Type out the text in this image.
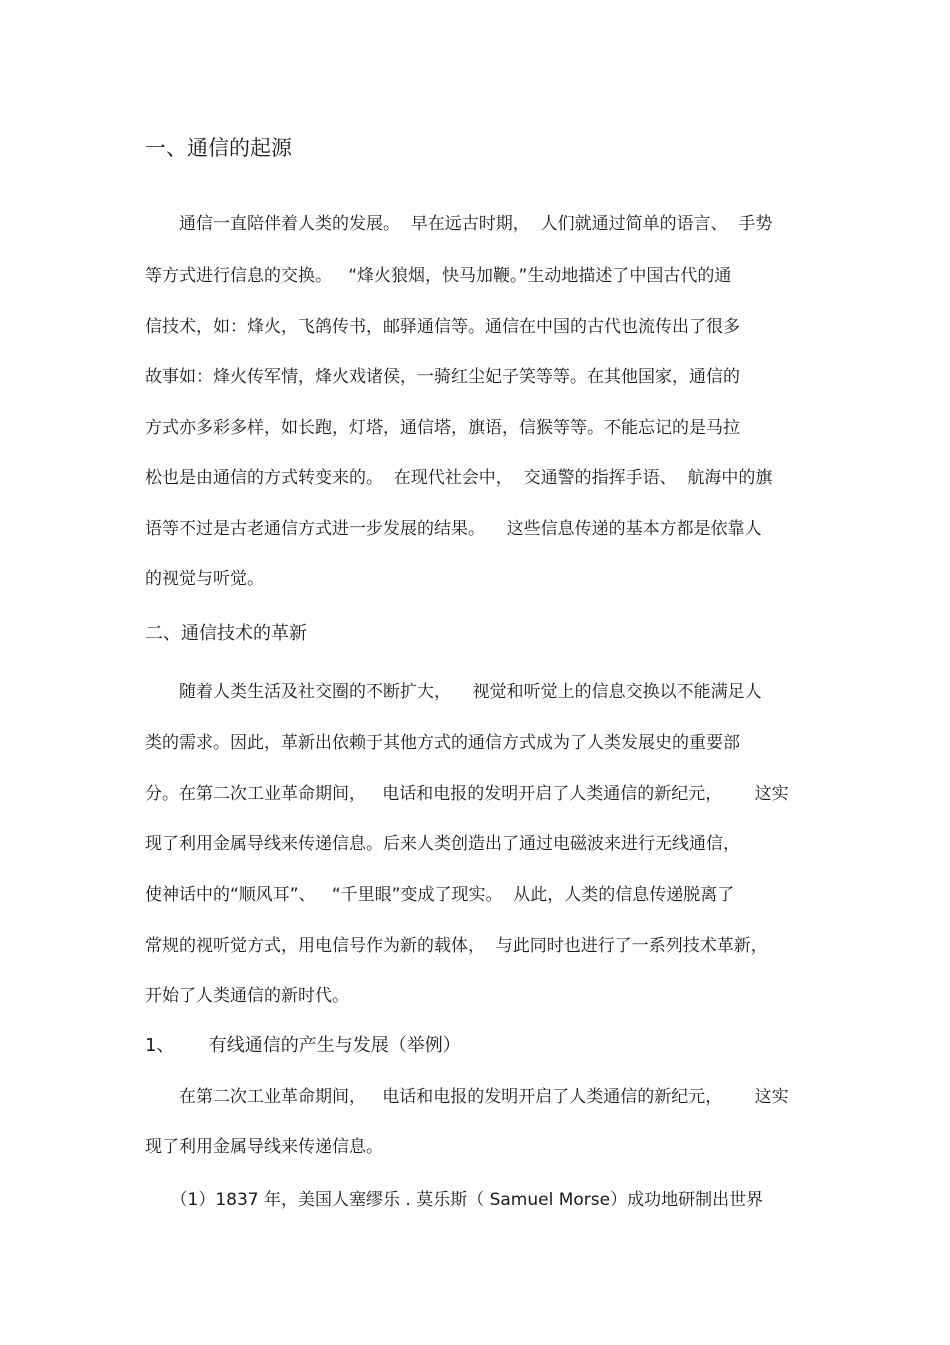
一、通信的起源
　　通信一直陪伴着人类的发展。  早在远古时期，  人们就通过简单的语言、  手势
等方式进行信息的交换。   “烽火狼烟，快马加鞭。”生动地描述了中国古代的通
信技术，如：烽火，飞鸽传书，邮驿通信等。通信在中国的古代也流传出了很多
故事如：烽火传军情，烽火戏诸侯，一骑红尘妃子笑等等。在其他国家，通信的
方式亦多彩多样，如长跑，灯塔，通信塔，旗语，信猴等等。不能忘记的是马拉
松也是由通信的方式转变来的。  在现代社会中，  交通警的指挥手语、  航海中的旗
语等不过是古老通信方式进一步发展的结果。    这些信息传递的基本方都是依靠人
的视觉与听觉。
二、通信技术的革新
　　随着人类生活及社交圈的不断扩大，    视觉和听觉上的信息交换以不能满足人
类的需求。因此，革新出依赖于其他方式的通信方式成为了人类发展史的重要部
分。在第二次工业革命期间，   电话和电报的发明开启了人类通信的新纪元，      这实
现了利用金属导线来传递信息。后来人类创造出了通过电磁波来进行无线通信，
使神话中的“顺风耳”、   “千里眼”变成了现实。  从此，人类的信息传递脱离了
常规的视听觉方式，用电信号作为新的载体，  与此同时也进行了一系列技术革新，
开始了人类通信的新时代。
1、      有线通信的产生与发展（举例）
　　在第二次工业革命期间，   电话和电报的发明开启了人类通信的新纪元，      这实
现了利用金属导线来传递信息。
　　（1）1837 年，美国人塞缪乐 . 莫乐斯（ Samuel Morse）成功地研制出世界
